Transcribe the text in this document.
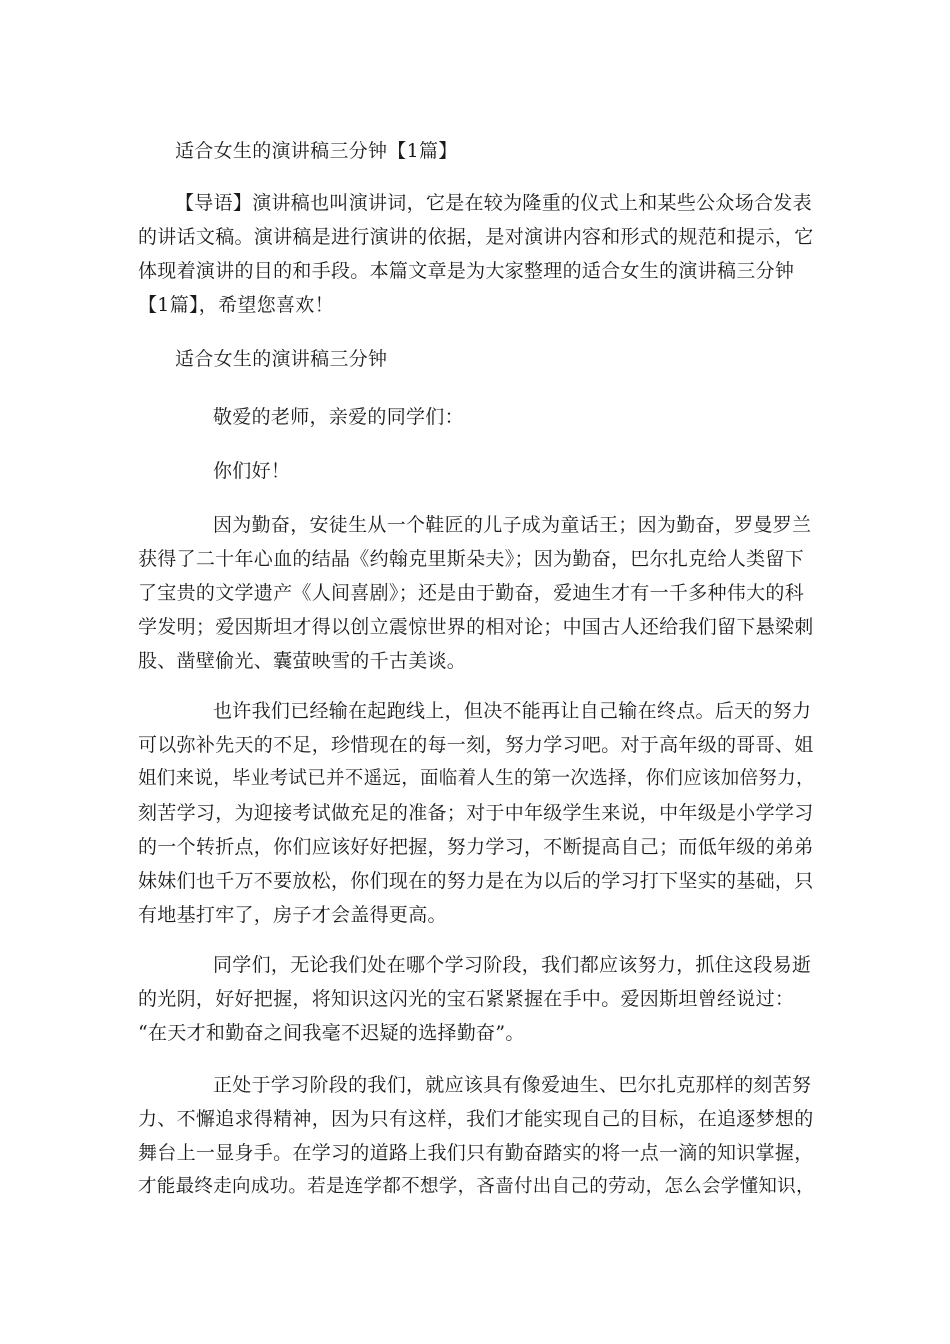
适合女生的演讲稿三分钟【1篇】
【导语】演讲稿也叫演讲词，它是在较为隆重的仪式上和某些公众场合发表
的讲话文稿。演讲稿是进行演讲的依据，是对演讲内容和形式的规范和提示，它
体现着演讲的目的和手段。本篇文章是为大家整理的适合女生的演讲稿三分钟
【1篇】，希望您喜欢！
适合女生的演讲稿三分钟
敬爱的老师，亲爱的同学们：
你们好！
因为勤奋，安徒生从一个鞋匠的儿子成为童话王；因为勤奋，罗曼罗兰
获得了二十年心血的结晶《约翰克里斯朵夫》；因为勤奋，巴尔扎克给人类留下
了宝贵的文学遗产《人间喜剧》；还是由于勤奋，爱迪生才有一千多种伟大的科
学发明；爱因斯坦才得以创立震惊世界的相对论；中国古人还给我们留下悬梁刺
股、凿壁偷光、囊萤映雪的千古美谈。
也许我们已经输在起跑线上，但决不能再让自己输在终点。后天的努力
可以弥补先天的不足，珍惜现在的每一刻，努力学习吧。对于高年级的哥哥、姐
姐们来说，毕业考试已并不遥远，面临着人生的第一次选择，你们应该加倍努力，
刻苦学习，为迎接考试做充足的准备；对于中年级学生来说，中年级是小学学习
的一个转折点，你们应该好好把握，努力学习，不断提高自己；而低年级的弟弟
妹妹们也千万不要放松，你们现在的努力是在为以后的学习打下坚实的基础，只
有地基打牢了，房子才会盖得更高。
同学们，无论我们处在哪个学习阶段，我们都应该努力，抓住这段易逝
的光阴，好好把握，将知识这闪光的宝石紧紧握在手中。爱因斯坦曾经说过：
“在天才和勤奋之间我毫不迟疑的选择勤奋”。
正处于学习阶段的我们，就应该具有像爱迪生、巴尔扎克那样的刻苦努
力、不懈追求得精神，因为只有这样，我们才能实现自己的目标，在追逐梦想的
舞台上一显身手。在学习的道路上我们只有勤奋踏实的将一点一滴的知识掌握，
才能最终走向成功。若是连学都不想学，吝啬付出自己的劳动，怎么会学懂知识，
